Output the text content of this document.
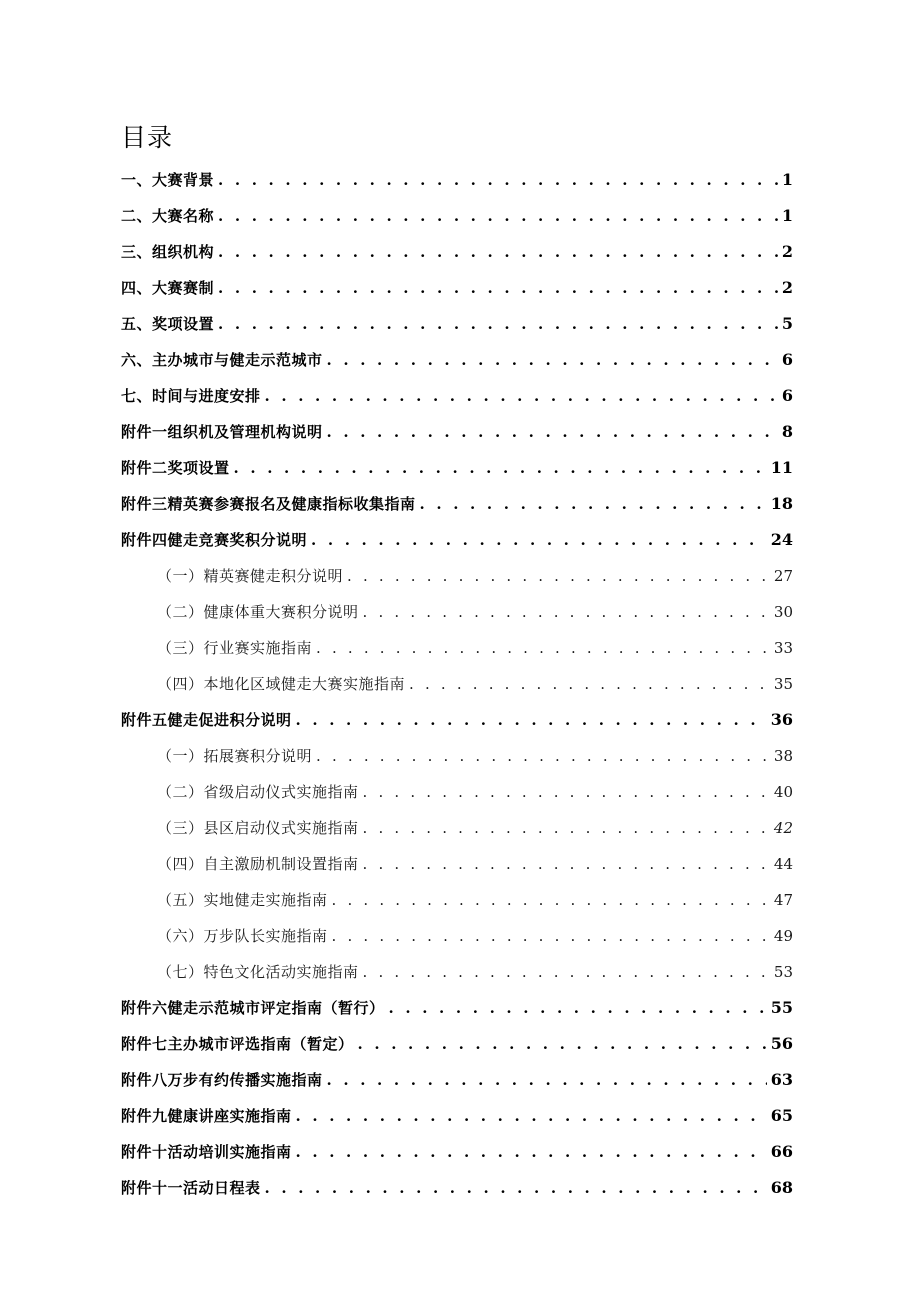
目录
一、大赛背景 . . .	1
二、大赛名称 . . .	1
三、组织机构 . . .	2
四、大赛赛制 . . .	2
五、奖项设置 . . .	5
六、主办城市与健走示范城市 . . .	6
七、时间与进度安排 . . .	6
附件一组织机及管理机构说明 . . .	8
附件二奖项设置 . . .	11
附件三精英赛参赛报名及健康指标收集指南 . . .	18
附件四健走竞赛奖积分说明 . . .	24
（一）精英赛健走积分说明 . . .	27
（二）健康体重大赛积分说明 . . .	30
（三）行业赛实施指南 . . .	33
（四）本地化区域健走大赛实施指南 . . .	35
附件五健走促进积分说明 . . .	36
（一）拓展赛积分说明 . . .	38
（二）省级启动仪式实施指南 . . .	40
（三）县区启动仪式实施指南 . . .	42
（四）自主激励机制设置指南 . . .	44
（五）实地健走实施指南 . . .	47
（六）万步队长实施指南 . . .	49
（七）特色文化活动实施指南 . . .	53
附件六健走示范城市评定指南（暂行） . . .	55
附件七主办城市评选指南（暂定） . . .	56
附件八万步有约传播实施指南 . . .	63
附件九健康讲座实施指南 . . .	65
附件十活动培训实施指南 . . .	66
附件十一活动日程表 . . .	68
